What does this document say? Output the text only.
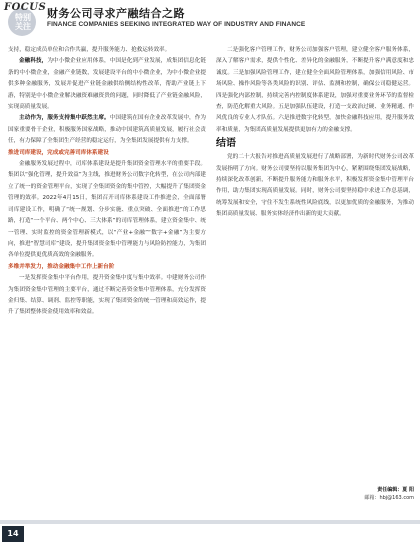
FOCUS
特别关注
财务公司寻求产融结合之路
FINANCE COMPANIES SEEKING INTEGRATED WAY OF INDUSTRY AND FINANCE

支持，稳定成员单位和合作共赢，提升服务能力、抢救运转效率。

金融科技，为中小微企业应用体系，中国是化到产业发展，成集团信息化链条的中小微企业，金融产业链数，发展建设平台的中小微企业，为中小微企业提供多种金融服务，发展并促进产业链金融供给侧结构性改革，帮助产业链上下游，特别是中小微企业解决融资难融资贵的问题，同时降低了产业链金融风险，实现高质量发展。

主动作为，服务支持集中跃然主席。中国建筑在国有企业改革发展中，作为国家重要骨干企业，积极服务国家战略，推动中国建筑高质量发展，履行社会责任，有力保障了全集团生产经营的稳定运行，为全集团发展提供有力支撑。

推进司库建设，完成或完善司库体系建设

金融服务发展过程中，司库体系建设是提升集团资金管理水平的重要手段。集团以“强化管理，提升效益”为主线，推进财务公司数字化转型，在公司内部建立了统一的资金管理平台，实现了全集团资金的集中管控，大幅提升了集团资金管理的效率。2022年4月15日，集团召开司库体系建设工作推进会，全面部署司库建设工作，明确了“统一规划、分步实施、重点突破、全面推进”的工作思路，打造“一个平台、两个中心、三大体系”的司库管理体系，建立资金集中、统一管理、实时监控的资金管理新模式，以“产业+金融”“数字+金融”为主要方向，推进“智慧司库”建设，提升集团资金集中管理能力与风险防控能力，为集团各单位提供更优质高效的金融服务。

多维并举发力，推动金融集中工作上新台阶

一是发挥资金集中平台作用，提升资金集中度与集中效率。中建财务公司作为集团资金集中管理的主要平台，通过不断完善资金集中管理体系，充分发挥资金归集、结算、调剂、监控等职能，实现了集团资金的统一管理和高效运作，提升了集团整体资金使用效率和效益。

二是强化客户管理工作，财务公司加强客户管理，建立健全客户服务体系，深入了解客户需求，提供个性化、差异化的金融服务，不断提升客户满意度和忠诚度。三是加强风险管理工作，建立健全全面风险管理体系，加强信用风险、市场风险、操作风险等各类风险的识别、评估、监测和控制，确保公司稳健运营。四是强化内部控制，持续完善内控制度体系建设，加强对重要业务环节的监督检查，防范化解重大风险。五是加强队伍建设，打造一支政治过硬、业务精通、作风优良的专业人才队伍。六是推进数字化转型，加快金融科技应用，提升服务效率和质量，为集团高质量发展提供更加有力的金融支撑。

结语

党的二十大报告对推进高质量发展进行了战略部署，为新时代财务公司改革发展指明了方向。财务公司要坚持以服务集团为中心，紧紧围绕集团发展战略，持续深化改革创新，不断提升服务能力和服务水平，积极发挥资金集中管理平台作用，助力集团实现高质量发展。同时，财务公司要坚持稳中求进工作总基调，统筹发展和安全，守住不发生系统性风险底线，以更加优质的金融服务，为推动集团高质量发展、服务实体经济作出新的更大贡献。

责任编辑：夏 阳
邮箱：hbj@163.com
14
